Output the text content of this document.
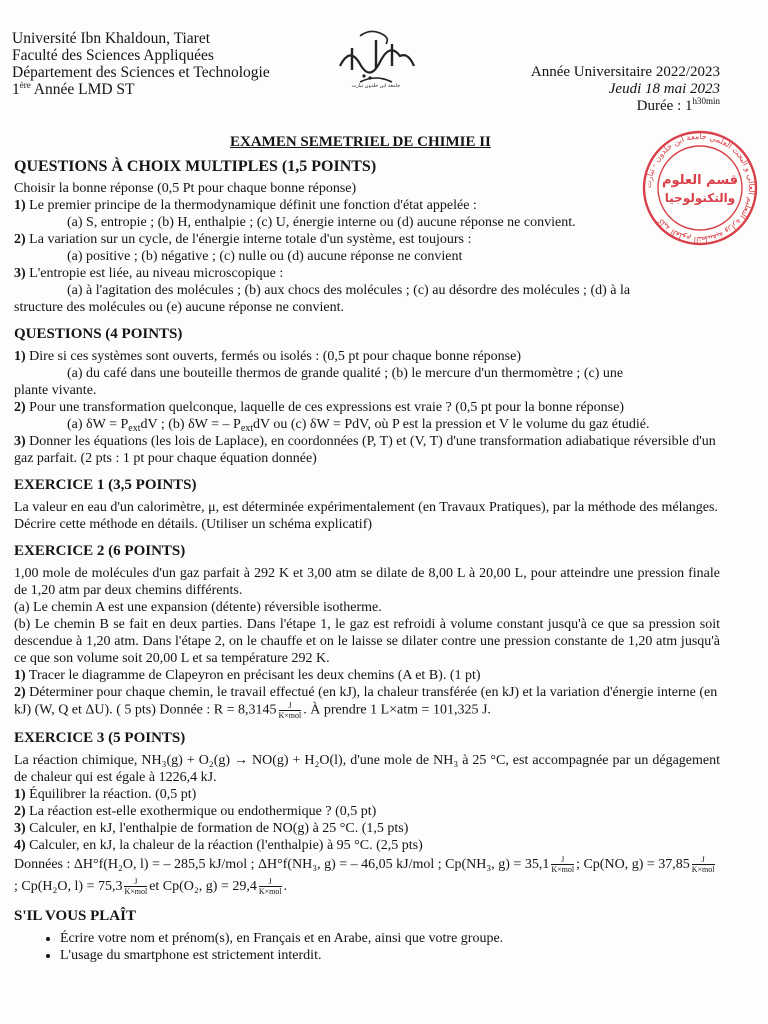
Université Ibn Khaldoun, Tiaret
Faculté des Sciences Appliquées
Département des Sciences et Technologie
1ère Année LMD ST	جامعة ابن خلدون تيارت
Année Universitaire 2022/2023
Jeudi 18 mai 2023
Durée : $1^{h30min}$
كلية العلوم التطبيقية وزارة التعليم العالي و البحث العلمي جامعة ابن خلدون - تيارت
قسم العلوم
والتكنولوجيا
EXAMEN SEMETRIEL DE CHIMIE II
QUESTIONS À CHOIX MULTIPLES (1,5 POINTS)

Choisir la bonne réponse (0,5 Pt pour chaque bonne réponse)

1) Le premier principe de la thermodynamique définit une fonction d'état appelée :

(a) S, entropie ; (b) H, enthalpie ; (c) U, énergie interne ou (d) aucune réponse ne convient.

2) La variation sur un cycle, de l'énergie interne totale d'un système, est toujours :

(a) positive ; (b) négative ; (c) nulle ou (d) aucune réponse ne convient

3) L'entropie est liée, au niveau microscopique :

(a) à l'agitation des molécules ; (b) aux chocs des molécules ; (c) au désordre des molécules ; (d) à la

structure des molécules ou (e) aucune réponse ne convient.

QUESTIONS (4 POINTS)

1) Dire si ces systèmes sont ouverts, fermés ou isolés : (0,5 pt pour chaque bonne réponse)

(a) du café dans une bouteille thermos de grande qualité ; (b) le mercure d'un thermomètre ; (c) une

plante vivante.

2) Pour une transformation quelconque, laquelle de ces expressions est vraie ? (0,5 pt pour la bonne réponse)

(a) $\delta W = P_{ext}dV$ ; (b) δW = – $P_{ext}dV$ ou (c) δW = PdV, où P est la pression et V le volume du gaz étudié.

3) Donner les équations (les lois de Laplace), en coordonnées (P, T) et (V, T) d'une transformation adiabatique réversible d'un gaz parfait. (2 pts : 1 pt pour chaque équation donnée)

EXERCICE 1 (3,5 POINTS)

La valeur en eau d'un calorimètre, μ, est déterminée expérimentalement (en Travaux Pratiques), par la méthode des mélanges.

Décrire cette méthode en détails. (Utiliser un schéma explicatif)

EXERCICE 2 (6 POINTS)

1,00 mole de molécules d'un gaz parfait à 292 K et 3,00 atm se dilate de 8,00 L à 20,00 L, pour atteindre une pression finale de 1,20 atm par deux chemins différents.

(a) Le chemin A est une expansion (détente) réversible isotherme.

(b) Le chemin B se fait en deux parties. Dans l'étape 1, le gaz est refroidi à volume constant jusqu'à ce que sa pression soit descendue à 1,20 atm. Dans l'étape 2, on le chauffe et on le laisse se dilater contre une pression constante de 1,20 atm jusqu'à ce que son volume soit 20,00 L et sa température 292 K.

1) Tracer le diagramme de Clapeyron en précisant les deux chemins (A et B). (1 pt)

2) Déterminer pour chaque chemin, le travail effectué (en kJ), la chaleur transférée (en kJ) et la variation d'énergie interne (en kJ) (W, Q et ΔU). ( 5 pts) Donnée : $R = 8,3145 \frac{J}{\text{K×mol}}$ . À prendre 1 L×atm = 101,325 J.

EXERCICE 3 (5 POINTS)

La réaction chimique, NH₃(g) + O₂(g) → NO(g) + H₂O(l), d'une mole de NH₃ à 25 °C, est accompagnée par un dégagement de chaleur qui est égale à 1226,4 kJ.

1) Équilibrer la réaction. (0,5 pt)

2) La réaction est-elle exothermique ou endothermique ? (0,5 pt)

3) Calculer, en kJ, l'enthalpie de formation de NO(g) à 25 °C. (1,5 pts)

4) Calculer, en kJ, la chaleur de la réaction (l'enthalpie) à 95 °C. (2,5 pts)

Données : ΔH°f(H₂O, l) = – 285,5 kJ/mol ; ΔH°f(NH₃, g) = – 46,05 kJ/mol ; Cp(NH₃, $g) = 35,1 \frac{J}{\text{K×mol}}$ ; Cp(NO, $g) = 37,85 \frac{J}{\text{K×mol}}$
; Cp(H₂O, $l) = 75,3 \frac{J}{\text{K×mol}}$ et Cp(O₂, $g) = 29,4 \frac{J}{\text{K×mol}}$ .

S'IL VOUS PLAÎT
• Écrire votre nom et prénom(s), en Français et en Arabe, ainsi que votre groupe.
• L'usage du smartphone est strictement interdit.
